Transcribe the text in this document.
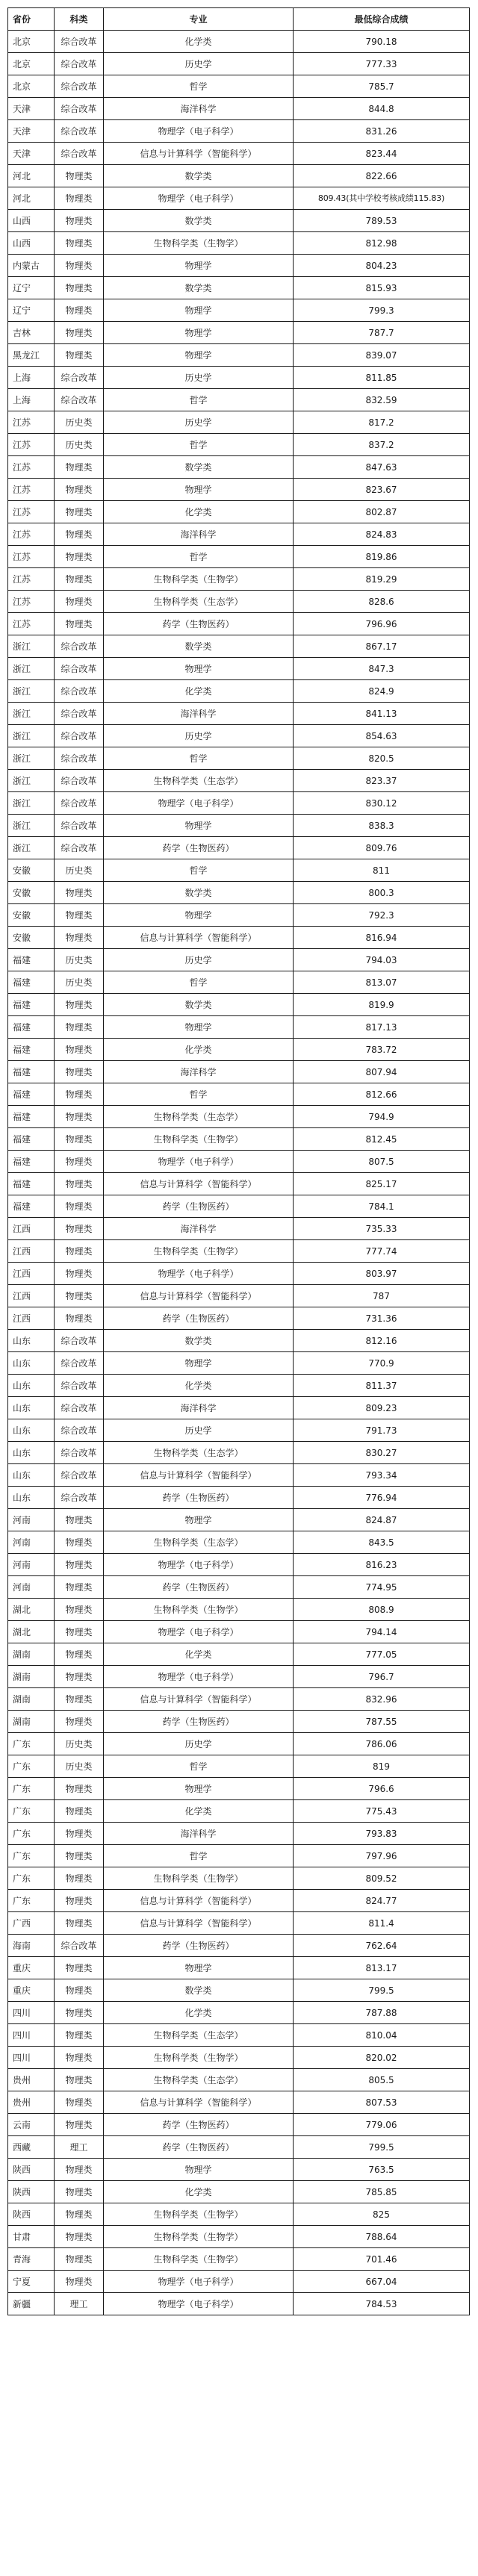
省份	科类	专业	最低综合成绩
北京	综合改革	化学类	790.18
北京	综合改革	历史学	777.33
北京	综合改革	哲学	785.7
天津	综合改革	海洋科学	844.8
天津	综合改革	物理学（电子科学）	831.26
天津	综合改革	信息与计算科学（智能科学）	823.44
河北	物理类	数学类	822.66
河北	物理类	物理学（电子科学）	809.43(其中学校考核成绩115.83)
山西	物理类	数学类	789.53
山西	物理类	生物科学类（生物学）	812.98
内蒙古	物理类	物理学	804.23
辽宁	物理类	数学类	815.93
辽宁	物理类	物理学	799.3
吉林	物理类	物理学	787.7
黑龙江	物理类	物理学	839.07
上海	综合改革	历史学	811.85
上海	综合改革	哲学	832.59
江苏	历史类	历史学	817.2
江苏	历史类	哲学	837.2
江苏	物理类	数学类	847.63
江苏	物理类	物理学	823.67
江苏	物理类	化学类	802.87
江苏	物理类	海洋科学	824.83
江苏	物理类	哲学	819.86
江苏	物理类	生物科学类（生物学）	819.29
江苏	物理类	生物科学类（生态学）	828.6
江苏	物理类	药学（生物医药）	796.96
浙江	综合改革	数学类	867.17
浙江	综合改革	物理学	847.3
浙江	综合改革	化学类	824.9
浙江	综合改革	海洋科学	841.13
浙江	综合改革	历史学	854.63
浙江	综合改革	哲学	820.5
浙江	综合改革	生物科学类（生态学）	823.37
浙江	综合改革	物理学（电子科学）	830.12
浙江	综合改革	物理学	838.3
浙江	综合改革	药学（生物医药）	809.76
安徽	历史类	哲学	811
安徽	物理类	数学类	800.3
安徽	物理类	物理学	792.3
安徽	物理类	信息与计算科学（智能科学）	816.94
福建	历史类	历史学	794.03
福建	历史类	哲学	813.07
福建	物理类	数学类	819.9
福建	物理类	物理学	817.13
福建	物理类	化学类	783.72
福建	物理类	海洋科学	807.94
福建	物理类	哲学	812.66
福建	物理类	生物科学类（生态学）	794.9
福建	物理类	生物科学类（生物学）	812.45
福建	物理类	物理学（电子科学）	807.5
福建	物理类	信息与计算科学（智能科学）	825.17
福建	物理类	药学（生物医药）	784.1
江西	物理类	海洋科学	735.33
江西	物理类	生物科学类（生物学）	777.74
江西	物理类	物理学（电子科学）	803.97
江西	物理类	信息与计算科学（智能科学）	787
江西	物理类	药学（生物医药）	731.36
山东	综合改革	数学类	812.16
山东	综合改革	物理学	770.9
山东	综合改革	化学类	811.37
山东	综合改革	海洋科学	809.23
山东	综合改革	历史学	791.73
山东	综合改革	生物科学类（生态学）	830.27
山东	综合改革	信息与计算科学（智能科学）	793.34
山东	综合改革	药学（生物医药）	776.94
河南	物理类	物理学	824.87
河南	物理类	生物科学类（生态学）	843.5
河南	物理类	物理学（电子科学）	816.23
河南	物理类	药学（生物医药）	774.95
湖北	物理类	生物科学类（生物学）	808.9
湖北	物理类	物理学（电子科学）	794.14
湖南	物理类	化学类	777.05
湖南	物理类	物理学（电子科学）	796.7
湖南	物理类	信息与计算科学（智能科学）	832.96
湖南	物理类	药学（生物医药）	787.55
广东	历史类	历史学	786.06
广东	历史类	哲学	819
广东	物理类	物理学	796.6
广东	物理类	化学类	775.43
广东	物理类	海洋科学	793.83
广东	物理类	哲学	797.96
广东	物理类	生物科学类（生物学）	809.52
广东	物理类	信息与计算科学（智能科学）	824.77
广西	物理类	信息与计算科学（智能科学）	811.4
海南	综合改革	药学（生物医药）	762.64
重庆	物理类	物理学	813.17
重庆	物理类	数学类	799.5
四川	物理类	化学类	787.88
四川	物理类	生物科学类（生态学）	810.04
四川	物理类	生物科学类（生物学）	820.02
贵州	物理类	生物科学类（生态学）	805.5
贵州	物理类	信息与计算科学（智能科学）	807.53
云南	物理类	药学（生物医药）	779.06
西藏	理工	药学（生物医药）	799.5
陕西	物理类	物理学	763.5
陕西	物理类	化学类	785.85
陕西	物理类	生物科学类（生物学）	825
甘肃	物理类	生物科学类（生物学）	788.64
青海	物理类	生物科学类（生物学）	701.46
宁夏	物理类	物理学（电子科学）	667.04
新疆	理工	物理学（电子科学）	784.53
